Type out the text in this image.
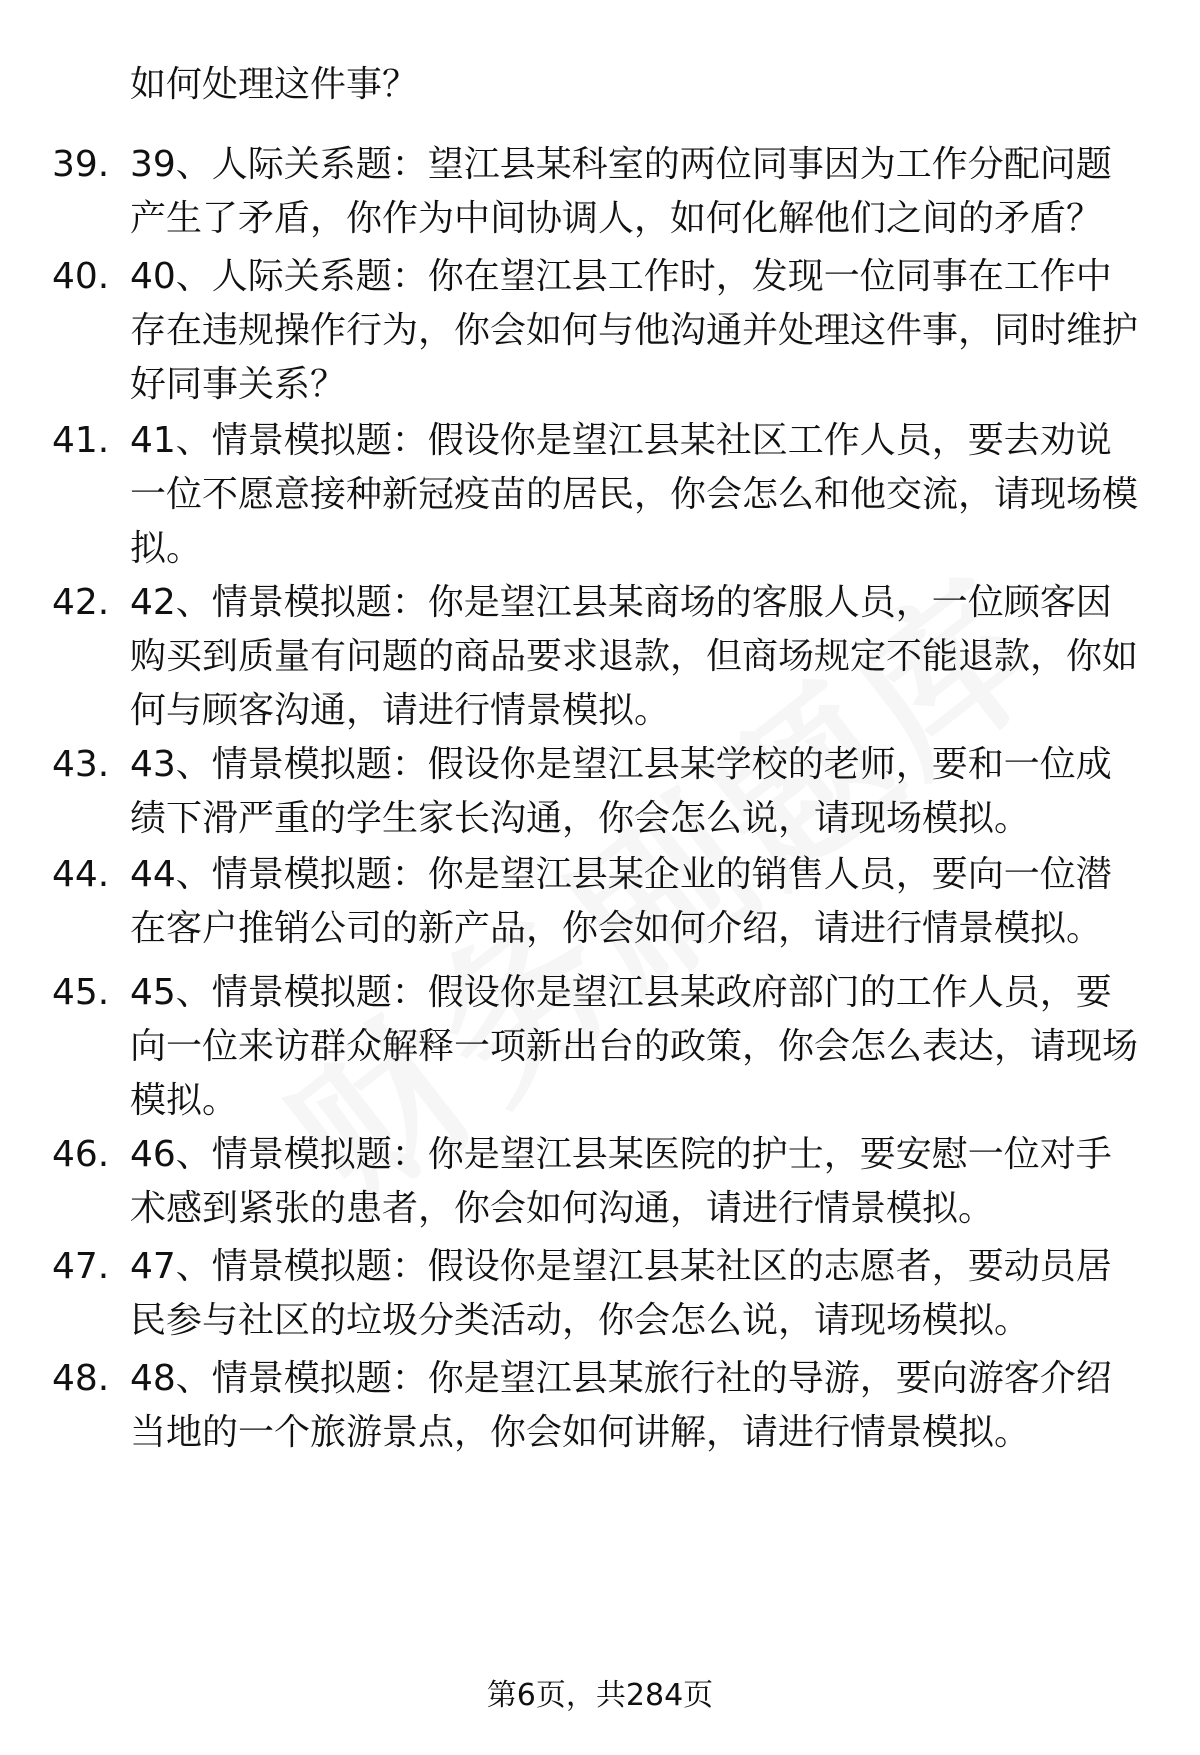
如何处理这件事？
39. 39、人际关系题：望江县某科室的两位同事因为工作分配问题产生了矛盾，你作为中间协调人，如何化解他们之间的矛盾？
40. 40、人际关系题：你在望江县工作时，发现一位同事在工作中存在违规操作行为，你会如何与他沟通并处理这件事，同时维护好同事关系？
41. 41、情景模拟题：假设你是望江县某社区工作人员，要去劝说一位不愿意接种新冠疫苗的居民，你会怎么和他交流，请现场模拟。
42. 42、情景模拟题：你是望江县某商场的客服人员，一位顾客因购买到质量有问题的商品要求退款，但商场规定不能退款，你如何与顾客沟通，请进行情景模拟。
43. 43、情景模拟题：假设你是望江县某学校的老师，要和一位成绩下滑严重的学生家长沟通，你会怎么说，请现场模拟。
44. 44、情景模拟题：你是望江县某企业的销售人员，要向一位潜在客户推销公司的新产品，你会如何介绍，请进行情景模拟。
45. 45、情景模拟题：假设你是望江县某政府部门的工作人员，要向一位来访群众解释一项新出台的政策，你会怎么表达，请现场模拟。
46. 46、情景模拟题：你是望江县某医院的护士，要安慰一位对手术感到紧张的患者，你会如何沟通，请进行情景模拟。
47. 47、情景模拟题：假设你是望江县某社区的志愿者，要动员居民参与社区的垃圾分类活动，你会怎么说，请现场模拟。
48. 48、情景模拟题：你是望江县某旅行社的导游，要向游客介绍当地的一个旅游景点，你会如何讲解，请进行情景模拟。
第6页，共284页
